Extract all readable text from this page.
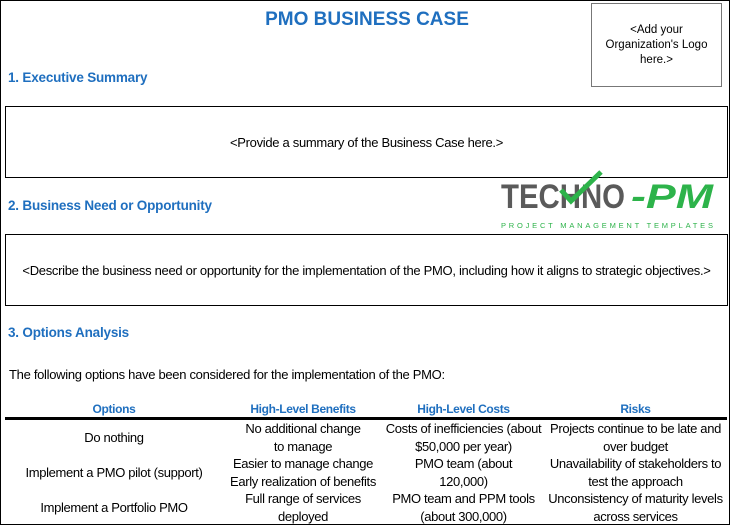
PMO BUSINESS CASE	<Add your Organization's Logo here.>
1. Executive Summary
<Provide a summary of the Business Case here.>
TECHNO -PM
PROJECT MANAGEMENT TEMPLATES
2. Business Need or Opportunity
<Describe the business need or opportunity for the implementation of the PMO, including how it aligns to strategic objectives.>
3. Options Analysis
The following options have been considered for the implementation of the PMO:
Options	High-Level Benefits	High-Level Costs	Risks
Do nothing	No additional change to manage	Costs of inefficiencies (about $50,000 per year)	Projects continue to be late and over budget
Implement a PMO pilot (support)	Easier to manage change Early realization of benefits	PMO team (about 120,000)	Unavailability of stakeholders to test the approach
Implement a Portfolio PMO	Full range of services deployed	PMO team and PPM tools (about 300,000)	Unconsistency of maturity levels across services
